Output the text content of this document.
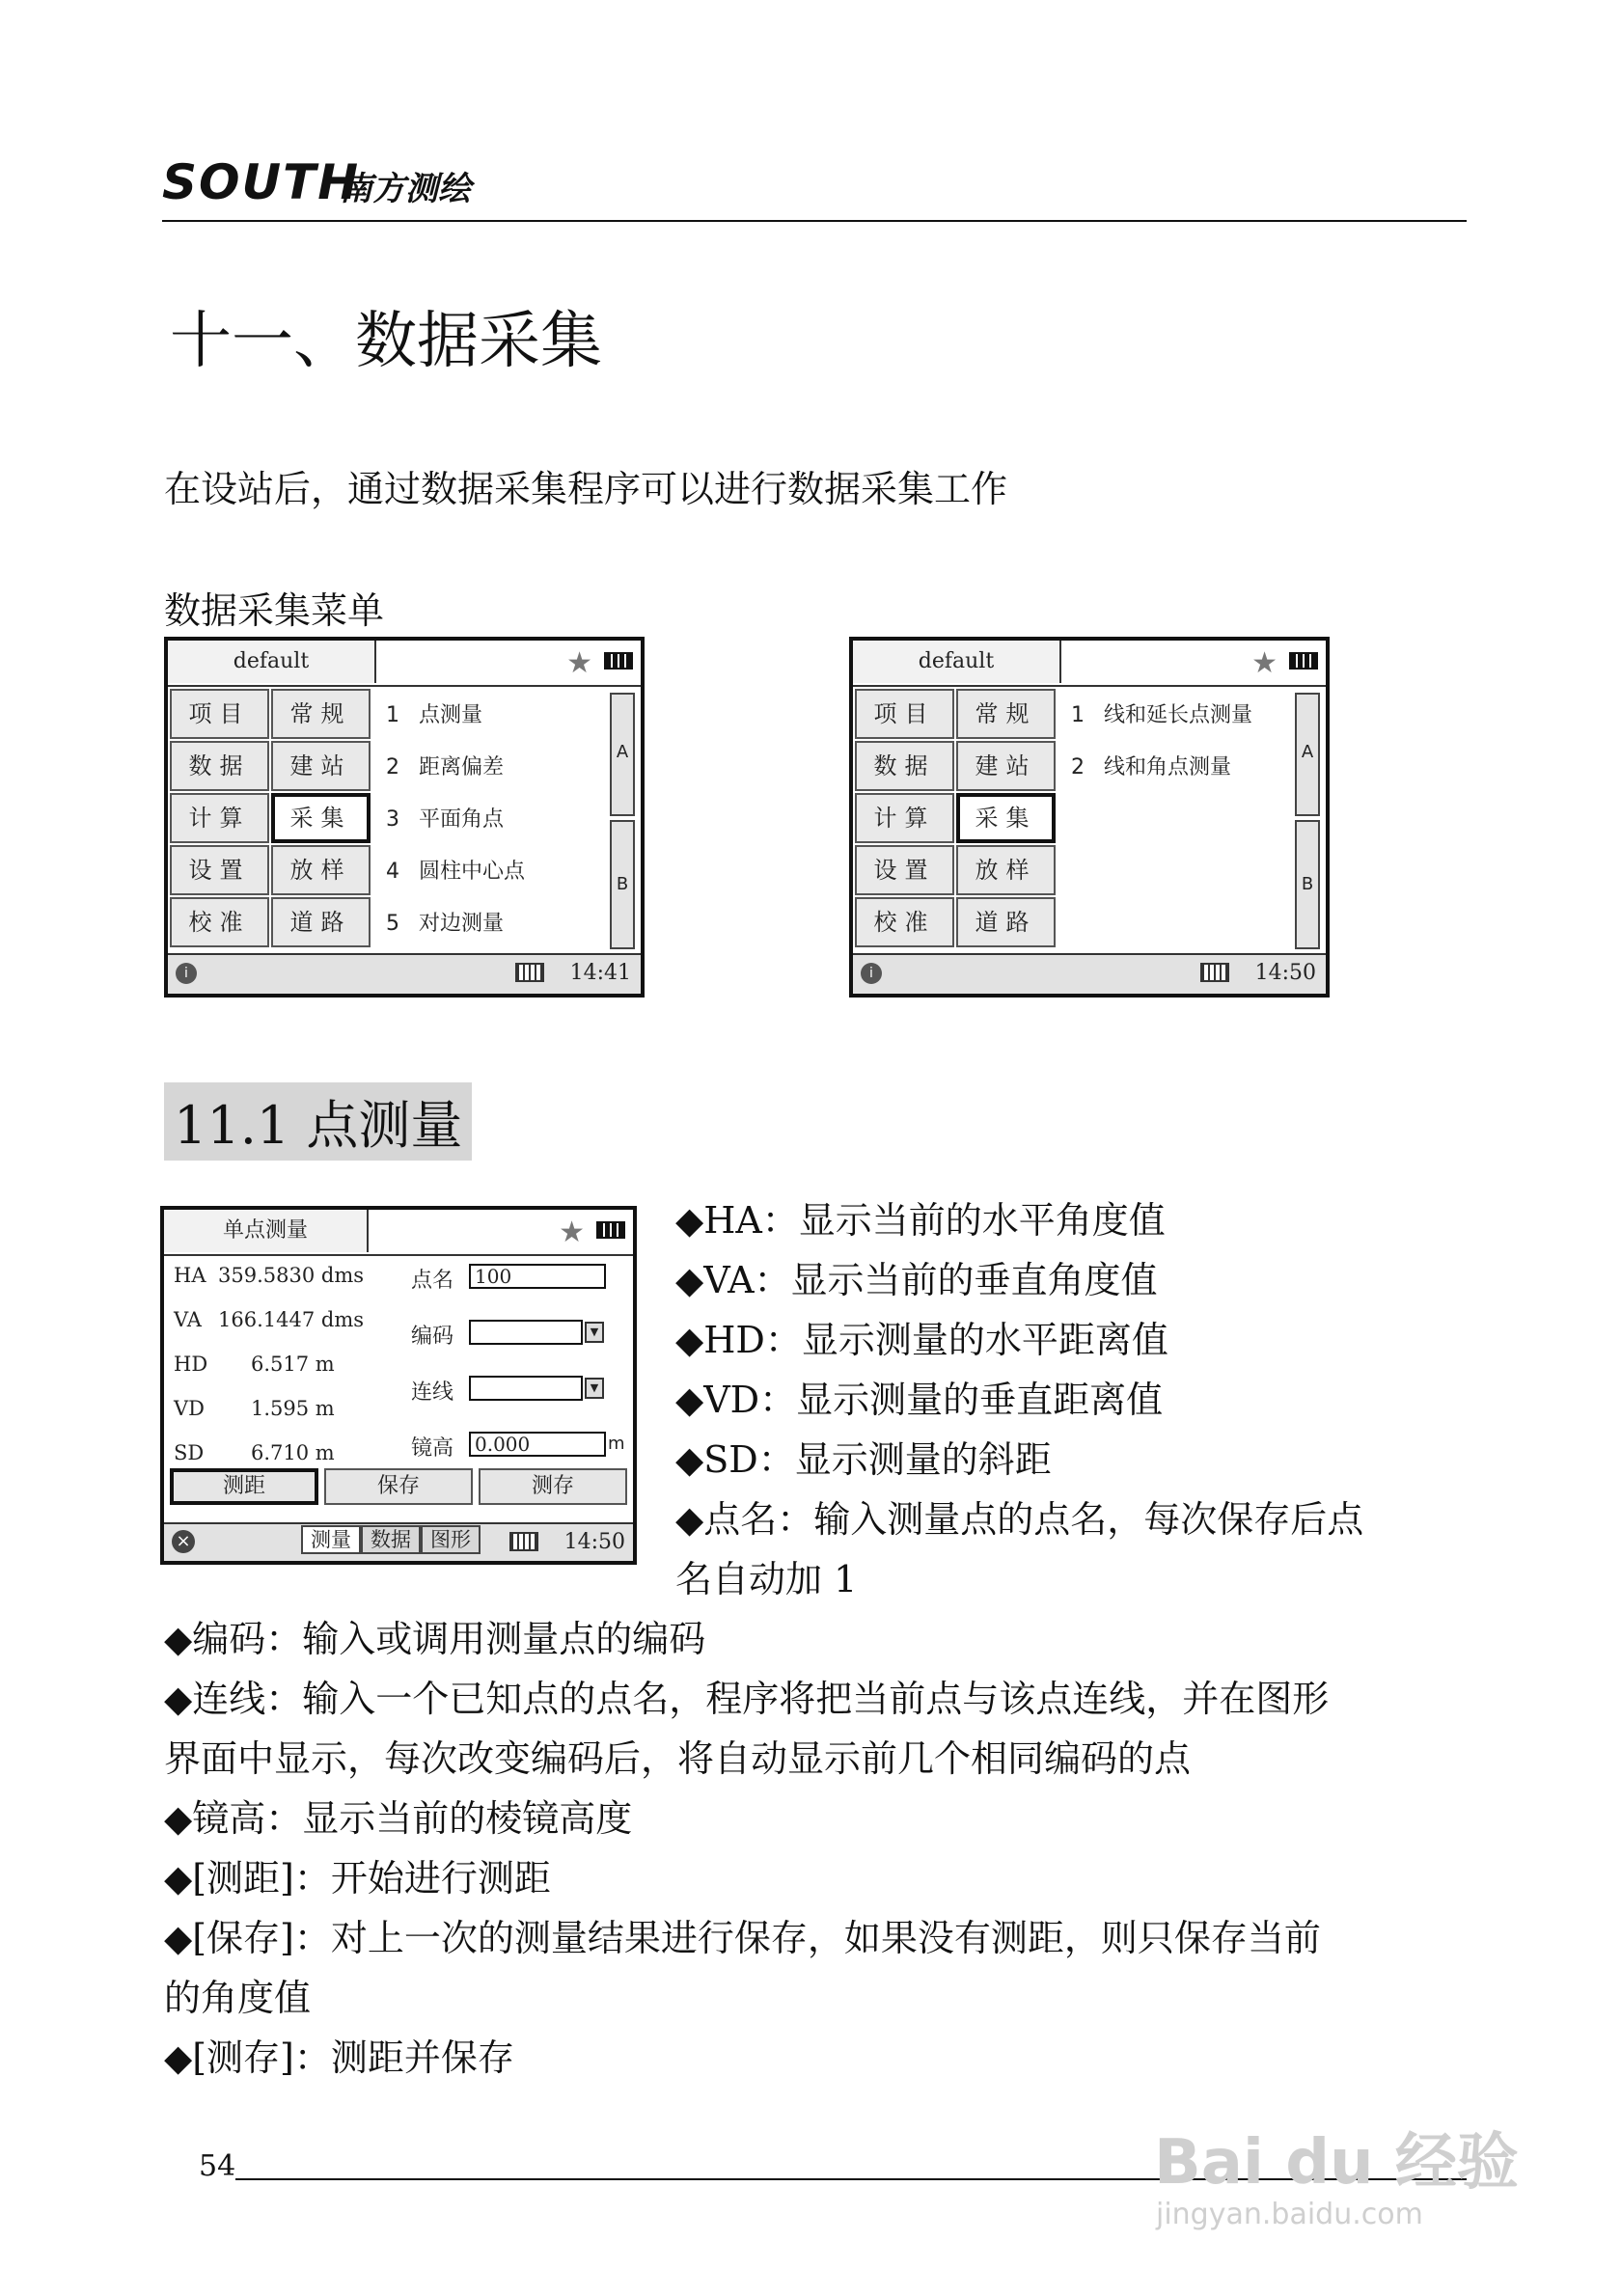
SOUTH
南方测绘
十一、数据采集
在设站后，通过数据采集程序可以进行数据采集工作
数据采集菜单
default	★
项目	常规
数据	建站
计算	采集
设置	放样
校准	道路
1 点测量
2 距离偏差
3 平面角点
4 圆柱中心点
5 对边测量
A
B
i	14:41
default	★
项目	常规
数据	建站
计算	采集
设置	放样
校准	道路
1 线和延长点测量
2 线和角点测量
A
B
i	14:50
11.1 点测量
单点测量	★
HA 359.5830 dms
VA 166.1447 dms
HD 6.517 m
VD 1.595 m
SD 6.710 m
点名	100
编码	▼
连线	▼
镜高	0.000	m
测距	保存	测存
×	测量 数据 图形	14:50
◆HA：显示当前的水平角度值
◆VA：显示当前的垂直角度值
◆HD：显示测量的水平距离值
◆VD：显示测量的垂直距离值
◆SD：显示测量的斜距
◆点名：输入测量点的点名，每次保存后点
名自动加 1
◆编码：输入或调用测量点的编码
◆连线：输入一个已知点的点名，程序将把当前点与该点连线，并在图形
界面中显示，每次改变编码后，将自动显示前几个相同编码的点
◆镜高：显示当前的棱镜高度
◆[测距]：开始进行测距
◆[保存]：对上一次的测量结果进行保存，如果没有测距，则只保存当前
的角度值
◆[测存]：测距并保存
54	Bai du 经验
jingyan.baidu.com
